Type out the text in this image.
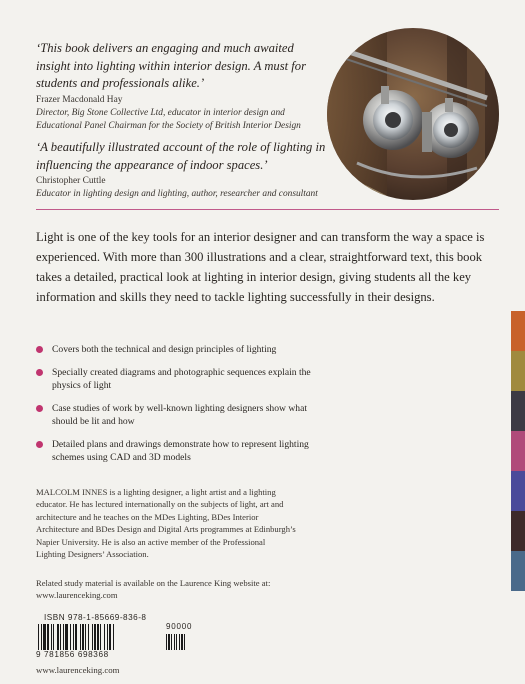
‘This book delivers an engaging and much awaited insight into lighting within interior design. A must for students and professionals alike.’
Frazer Macdonald Hay
Director, Big Stone Collective Ltd, educator in interior design and
Educational Panel Chairman for the Society of British Interior Design
‘A beautifully illustrated account of the role of lighting in influencing the appearance of indoor spaces.’
Christopher Cuttle
Educator in lighting design and lighting, author, researcher and consultant
Light is one of the key tools for an interior designer and can transform the way a space is experienced. With more than 300 illustrations and a clear, straightforward text, this book takes a detailed, practical look at lighting in interior design, giving students all the key information and skills they need to tackle lighting successfully in their designs.
Covers both the technical and design principles of lighting
Specially created diagrams and photographic sequences explain the physics of light
Case studies of work by well-known lighting designers show what should be lit and how
Detailed plans and drawings demonstrate how to represent lighting schemes using CAD and 3D models
MALCOLM INNES is a lighting designer, a light artist and a lighting educator. He has lectured internationally on the subjects of light, art and architecture and he teaches on the MDes Lighting, BDes Interior Architecture and BDes Design and Digital Arts programmes at Edinburgh’s Napier University. He is also an active member of the Professional Lighting Designers’ Association.
Related study material is available on the Laurence King website at: www.laurenceking.com
ISBN 978-1-85669-836-8
9 781856 698368
90000
www.laurenceking.com
